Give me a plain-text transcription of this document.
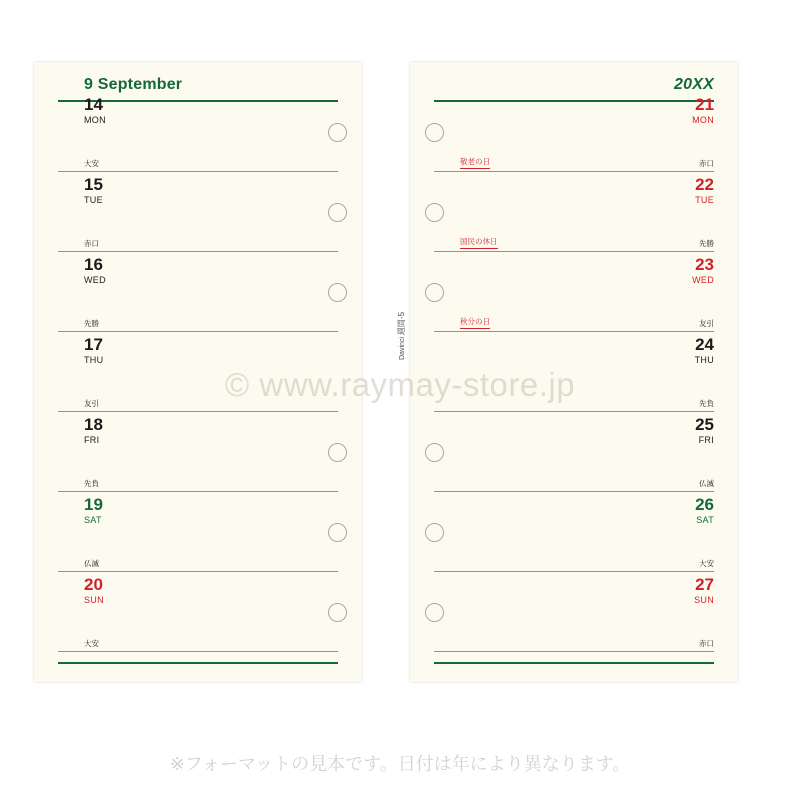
9 September
14
MON
大安
15
TUE
赤口
16
WED
先勝
17
THU
友引
18
FRI
先負
19
SAT
仏滅
20
SUN
大安
20XX
21
MON
敬老の日	赤口
22
TUE
国民の休日	先勝
23
WED
秋分の日	友引
24
THU
先負
25
FRI
仏滅
26
SAT
大安
27
SUN
赤口
Davinci 週間‐5
© www.raymay-store.jp
※フォーマットの見本です。日付は年により異なります。
